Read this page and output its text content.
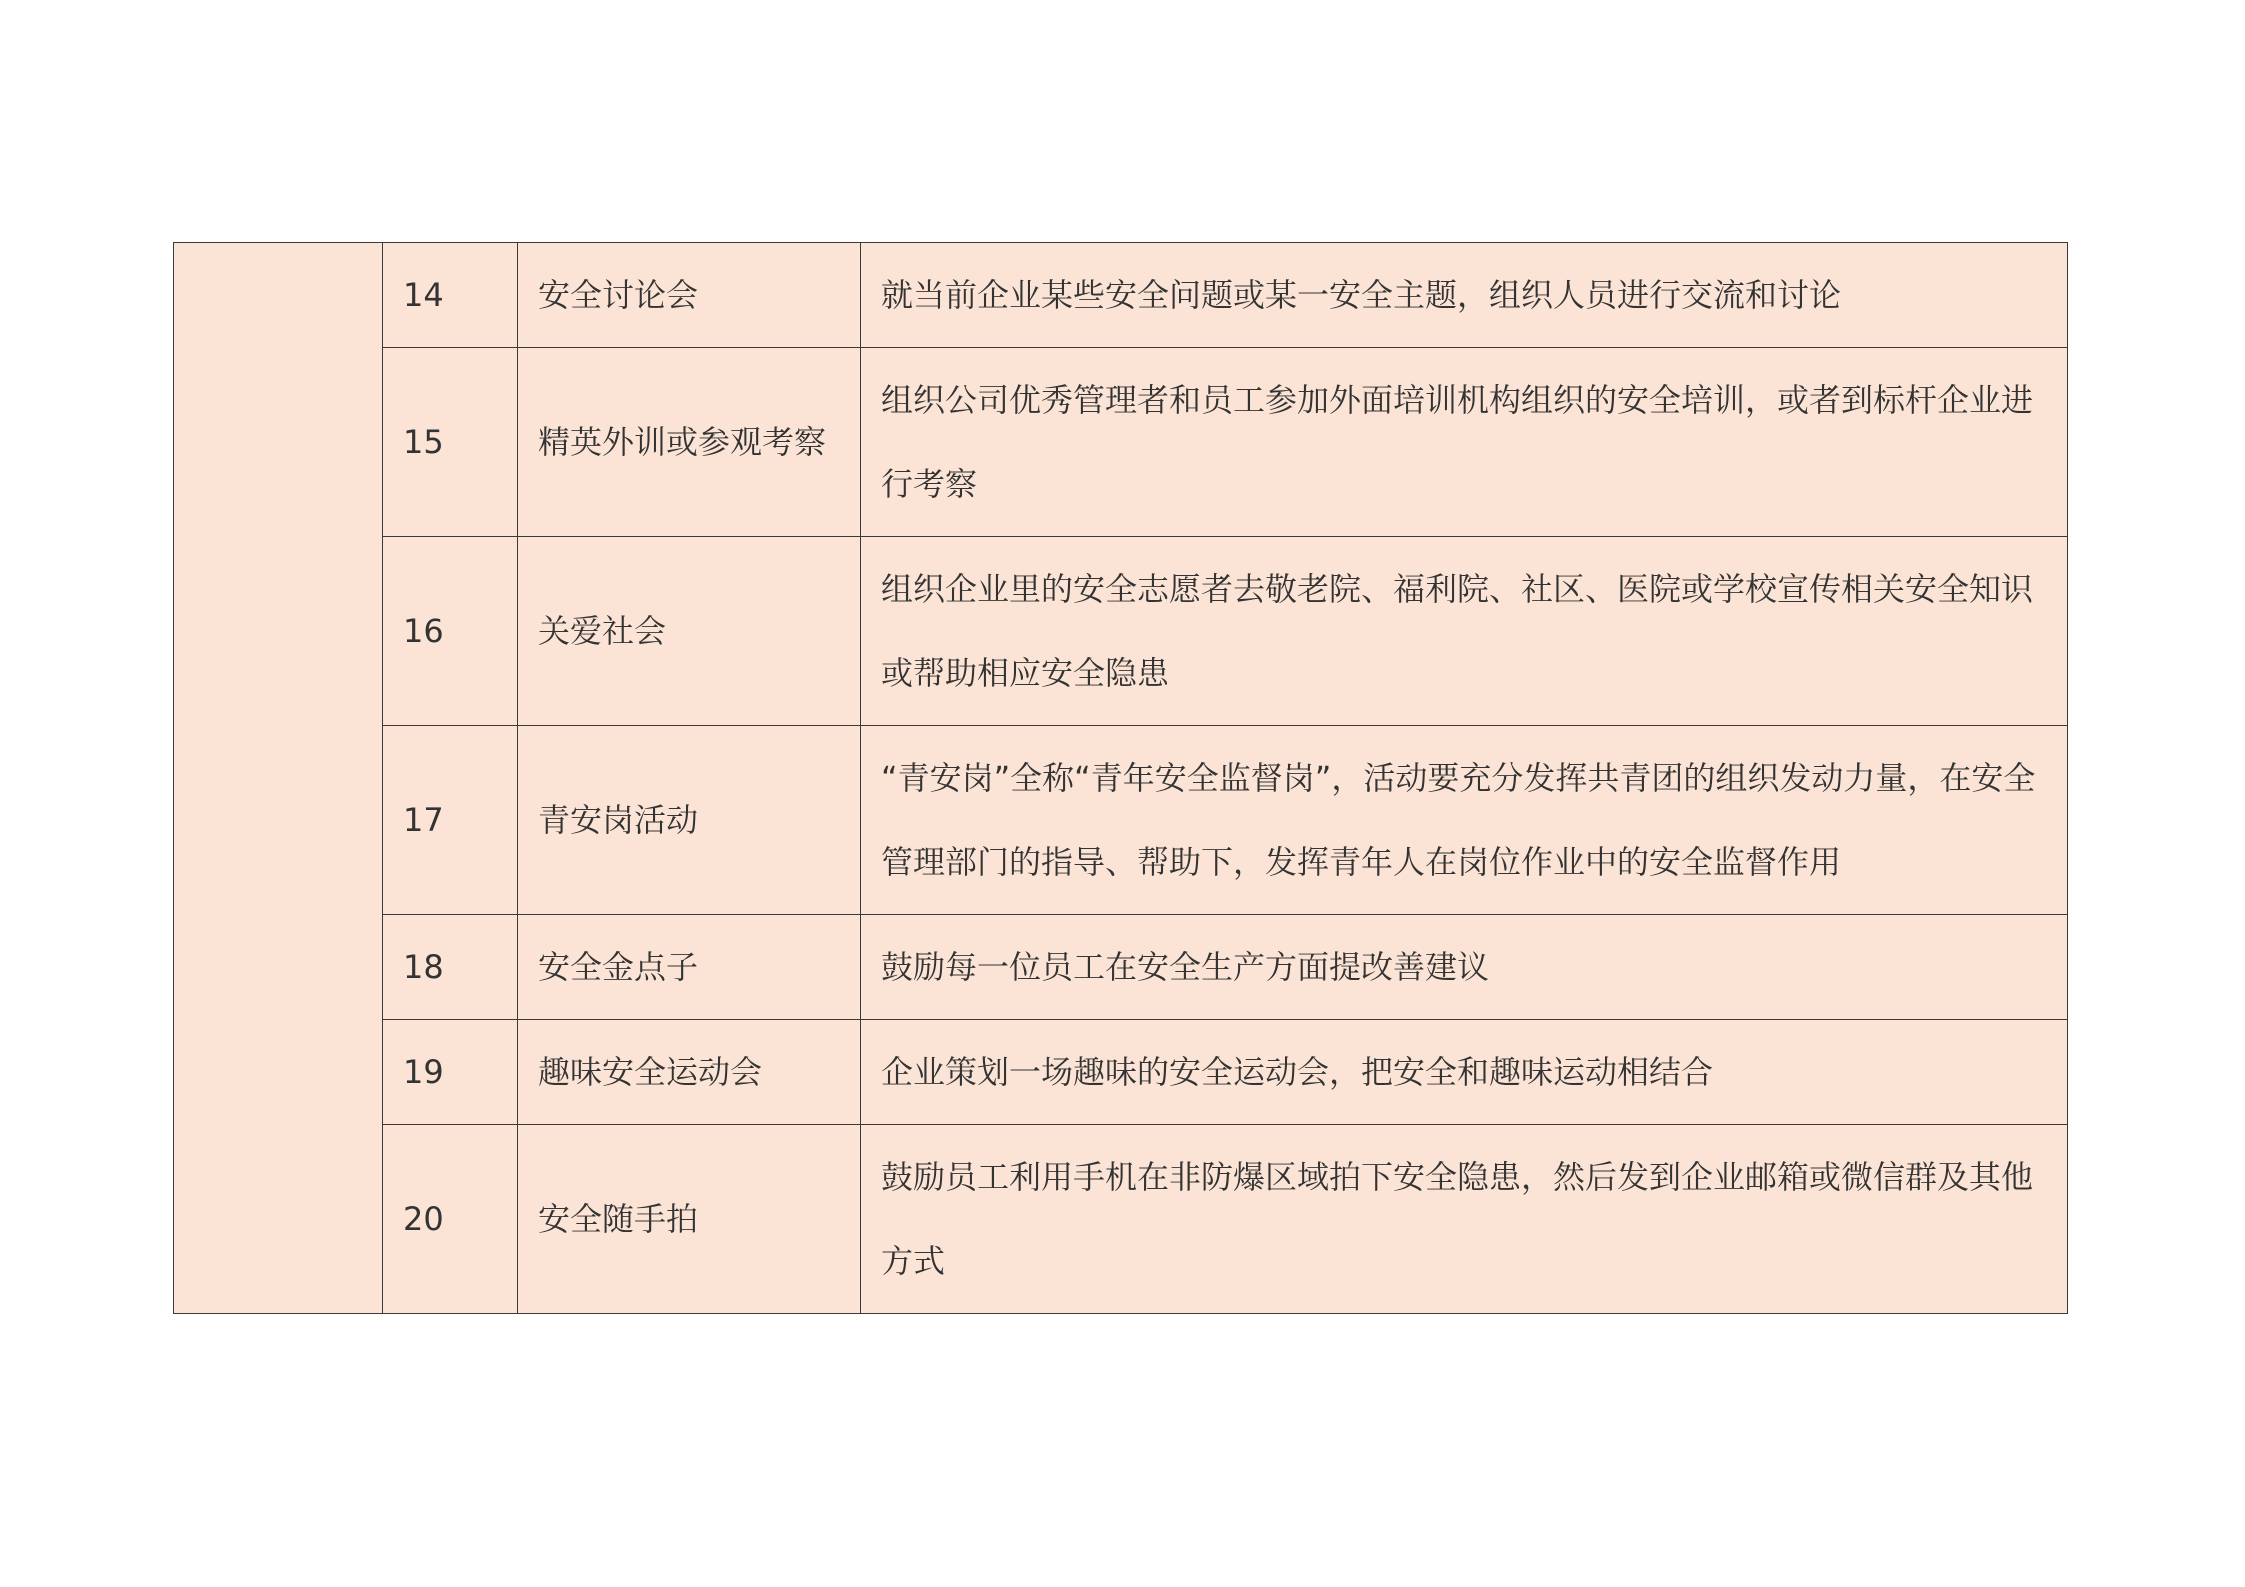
	14	安全讨论会	就当前企业某些安全问题或某一安全主题，组织人员进行交流和讨论
	15	精英外训或参观考察	组织公司优秀管理者和员工参加外面培训机构组织的安全培训，或者到标杆企业进行考察
	16	关爱社会	组织企业里的安全志愿者去敬老院、福利院、社区、医院或学校宣传相关安全知识或帮助相应安全隐患
	17	青安岗活动	“青安岗”全称“青年安全监督岗”，活动要充分发挥共青团的组织发动力量，在安全管理部门的指导、帮助下，发挥青年人在岗位作业中的安全监督作用
	18	安全金点子	鼓励每一位员工在安全生产方面提改善建议
	19	趣味安全运动会	企业策划一场趣味的安全运动会，把安全和趣味运动相结合
	20	安全随手拍	鼓励员工利用手机在非防爆区域拍下安全隐患，然后发到企业邮箱或微信群及其他方式
